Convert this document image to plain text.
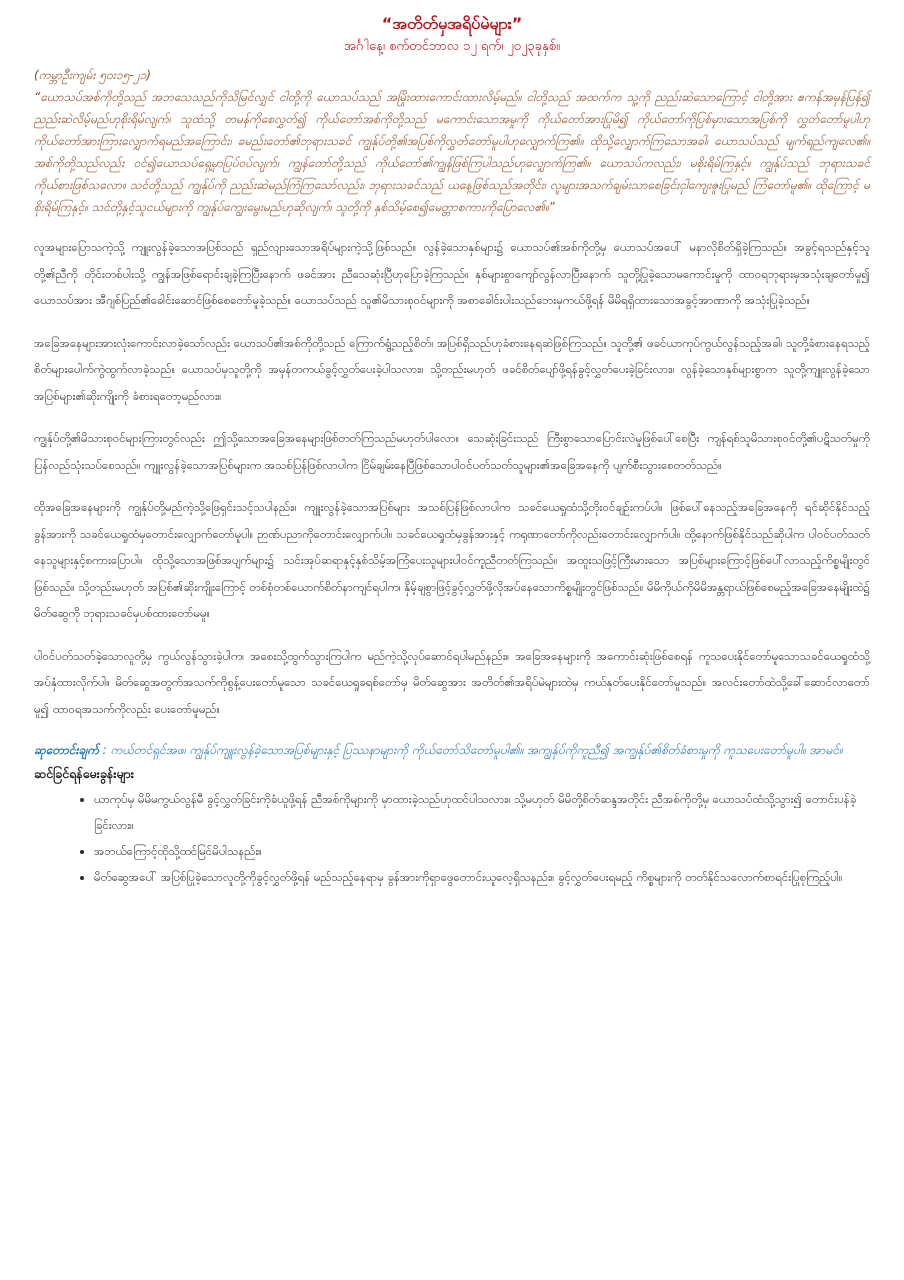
“အတိတ်မှအရိပ်မဲများ”

အင်္ဂါနေ့၊ စက်တင်ဘာလ ၁၂ ရက်၊ ၂၀၂၃ခုနှစ်။

(ကမ္ဘာဦးကျမ်း ၅၀း၁၅-၂၁)

“ယောသပ်အစ်ကိုတို့သည် အဘသေသည်ကိုသိမြင်လျှင် ငါတို့ကို ယောသပ်သည် အမြိုးထားကောင်းထားလိမ့်မည်။ ငါတို့သည် အထက်က သူ့ကို ညည်းဆဲသောကြောင့် ငါတို့အား ဧကန်အမှန်ပြန်၍ ညည်းဆဲလိမ့်မည်ဟုစိုးရိမ်လျက်၊ သူထံသို့ တမန်ကိုစေလွှတ်၍ ကိုယ်တော်အစ်ကိုတို့သည် မကောင်းသောအမှုကို ကိုယ်တော်အားပြုမိ၍ ကိုယ်တော်ကိုပြစ်မှားသောအပြစ်ကို လွှတ်တော်မူပါဟု ကိုယ်တော်အားကြားလျှောက်ရမည်အကြောင်း၊ ခမည်းတော်၏ဘုရားသခင် ကျွန်ုပ်တို့၏အပြစ်ကိုလွှတ်တော်မူပါဟုလျှောက်ကြ၏။ ထိုသို့လျှောက်ကြသောအခါ၊ ယောသပ်သည် မျက်ရည်ကျလေ၏။ အစ်ကိုတို့သည်လည်း ဝင်၍ယောသပ်ရှေ့မှာပြပ်ဝပ်လျက်၊ ကျွန်တော်တို့သည် ကိုယ်တော်၏ကျွန်ဖြစ်ကြပါသည်ဟုလျှောက်ကြ၏။ ယောသပ်ကလည်း၊ မစိုးရိမ်ကြနှင့်။ ကျွန်ုပ်သည် ဘုရားသခင်ကိုယ်စားဖြစ်သလော။ သင်တို့သည် ကျွန်ုပ်ကို ညည်းဆဲမည်ကြံကြသော်လည်း၊ ဘုရားသခင်သည် ယနေ့ဖြစ်သည်အတိုင်း၊ လူများအသက်ချမ်းသာစေခြင်းငှါကျေးဇူးပြုမည် ကြံတော်မူ၏။ ထိုကြောင့် မစိုးရိမ်ကြနှင့်။ သင်တို့နှင့်သူငယ်များကို ကျွန်ုပ်ကျွေးမွေးမည်ဟုဆိုလျက်၊ သူတို့ကို နှစ်သိမ့်စေ၍မေတ္တာစကားကိုပြောလေ၏။”

လူအများပြောသကဲ့သို့ ကျူးလွန်ခဲ့သောအပြစ်သည် ရှည်လျားသောအရိပ်များကဲ့သို့ဖြစ်သည်။ လွန်ခဲ့သောနှစ်များ၌ ယောသပ်၏အစ်ကိုတို့မှ ယောသပ်အပေါ် မနာလိုစိတ်ရှိခဲ့ကြသည်။ အခွင့်ရသည်နှင့်သူတို့၏ညီကို တိုင်းတစ်ပါးသို့ ကျွန်အဖြစ်ရောင်းချခဲ့ကြပြီးနောက် ဖခင်အား ညီသေဆုံးပြီဟုပြောခဲ့ကြသည်။ နှစ်များစွာကျော်လွန်လာပြီးနောက် သူတို့ပြုခဲ့သောမကောင်းမှုကို ထာဝရဘုရားမှအသုံးချတော်မူ၍ ယောသပ်အား အီဂျစ်ပြည်၏ခေါင်းဆောင်ဖြစ်စေတော်မူခဲ့သည်။ ယောသပ်သည် သူ၏မိသားစုဝင်များကို အစာခေါင်းပါးသည်ဘေးမှကယ်ဖို့ရန် မိမိရရှိထားသောအခွင့်အာဏာကို အသုံးပြုခဲ့သည်။

အခြေအနေများအားလုံးကောင်းလာခဲ့သော်လည်း ယောသပ်၏အစ်ကိုတို့သည် ကြောက်ရွံ့သည့်စိတ်၊ အပြစ်ရှိသည်ဟုခံစားနေရဆဲဖြစ်ကြသည်။ သူတို့၏ ဖခင်ယာကုပ်ကွယ်လွန်သည့်အခါ၊ သူတို့ခံစားနေရသည့်စိတ်များပေါက်ကွဲထွက်လာခဲ့သည်။ ယောသပ်မှသူတို့ကို အမှန်တကယ်ခွင့်လွှတ်ပေးခဲ့ပါသလား။ သို့တည်းမဟုတ် ဖခင်စိတ်ပျော်ဖို့ရန်ခွင့်လွှတ်ပေးခဲ့ခြင်းလား။ လွန်ခဲ့သောနှစ်များစွာက သူတို့ကျူးလွန်ခဲ့သောအပြစ်များ၏ဆိုးကျိုးကို ခံစားရတော့မည်လား။

ကျွန်ုပ်တို့၏မိသားစုဝင်များကြားတွင်လည်း ဤသို့သောအခြေအနေများဖြစ်တတ်ကြသည်မဟုတ်ပါလော။ သေဆုံးခြင်းသည် ကြီးစွာသောပြောင်းလဲမှုဖြစ်ပေါ်စေပြီး ကျန်ရစ်သူမိသားစုဝင်တို့၏ပဋိသတ်မှုကို ပြန်လည်သုံးသပ်စေသည်။ ကျူးလွန်ခဲ့သောအပြစ်များက အသစ်ပြန်ဖြစ်လာပါက ငြိမ်ချမ်းနေပြီဖြစ်သောပါဝင်ပတ်သတ်သူများ၏အခြေအနေကို ပျက်စီးသွားစေတတ်သည်။

ထိုအခြေအနေများကို ကျွန်ုပ်တို့မည်ကဲ့သို့ဖြေရှင်းသင့်သပါနည်း။ ကျူးလွန်ခဲ့သောအပြစ်များ အသစ်ပြန်ဖြစ်လာပါက သခင်ယေရှုထံသို့တိုးဝင်ချဉ်းကပ်ပါ။ ဖြစ်ပေါ်နေသည့်အခြေအနေကို ရင်ဆိုင်နိုင်သည့်ခွန်အားကို သခင်ယေရှုထံမှတောင်းလျှောက်တော်မူပါ။ ဉာဏ်ပညာကိုတောင်းလျှောက်ပါ။ သခင်ယေရှုထံမှခွန်အားနှင့် ကရုဏာတော်ကိုလည်းတောင်းလျှောက်ပါ။ ထို့နောက်ဖြစ်နိုင်သည်ဆိုပါက ပါဝင်ပတ်သတ်နေသူများနှင့်စကားပြောပါ။ ထိုသို့သောအဖြစ်အပျက်များ၌ သင်းအုပ်ဆရာနှင့်နှစ်သိမ့်အကြံပေးသူများပါဝင်ကူညီတတ်ကြသည်။ အထူးသဖြင့်ကြီးမားသော အပြစ်များကြောင့်ဖြစ်ပေါ်လာသည့်ကိစ္စမျိုးတွင်ဖြစ်သည်။ သို့တည်းမဟုတ် အပြစ်၏ဆိုးကျိုးကြောင့် တစ်စုံတစ်ယောက်စိတ်နာကျင်ရပါက၊ နှိမ့်ချစွာဖြင့်ခွင့်လွှတ်ဖို့လိုအပ်နေသောကိစ္စမျိုးတွင်ဖြစ်သည်။ မိမိကိုယ်ကိုမိမိအန္တရာယ်ဖြစ်စေမည့်အခြေအနေမျိုးထဲ၌ မိတ်ဆွေကို ဘုရားသခင်မှပစ်ထားတော်မမူ။

ပါဝင်ပတ်သတ်ခဲ့သောလူတို့မှ ကွယ်လွန်သွားခဲ့ပါက၊ အစေးသို့ထွက်သွားကြပါက မည်ကဲ့သို့လုပ်ဆောင်ရပါမည်နည်း။ အခြေအနေများကို အကောင်းဆုံးဖြစ်စေရန် ကူသပေးနိုင်တော်မူသောသခင်ယေရှုထံသို့ အပ်နှံထားလိုက်ပါ။ မိတ်ဆွေအတွက်အသက်ကိုစွန့်ပေးတော်မူသော သခင်ယေရှုခရစ်တော်မှ မိတ်ဆွေအား အတိတ်၏အရိပ်မဲများထဲမှ ကယ်နုတ်ပေးနိုင်တော်မူသည်။ အလင်းတော်ထဲသို့ခေါ်ဆောင်လာတော်မူ၍ ထာဝရအသက်ကိုလည်း ပေးတော်မူမည်။

ဆုတောင်းချက် : ကယ်တင်ရှင်အဖ၊ ကျွန်ုပ်ကျူးလွန်ခဲ့သောအပြစ်များနှင့် ပြဿနာများကို ကိုယ်တော်သိတော်မူပါ၏။ အကျွန်ုပ်ကိုကူညီ၍ အကျွန်ုပ်၏စိတ်ခံစားမှုကို ကူသပေးတော်မူပါ။ အာမင်။

ဆင်ခြင်ရန်မေးခွန်းများ

• ယာကုပ်မှ မိမိမကွယ်လွန်မီ ခွင့်လွှတ်ခြင်းကိုခံယူဖို့ရန် ညီအစ်ကိုများကို မှာထားခဲ့သည်ဟုထင်ပါသလား။ သို့မဟုတ် မိမိတို့စိတ်ဆန္ဒအတိုင်း ညီအစ်ကိုတို့မှ ယောသပ်ထံသို့သွား၍ တောင်းပန်ခဲ့ခြင်းလား။
• အဘယ်ကြောင့်ထိုသို့ထင်မြင်မိပါသနည်း။
• မိတ်ဆွေအပေါ် အပြစ်ပြုခဲ့သောလူတို့ကိုခွင့်လွှတ်ဖို့ရန် မည်သည့်နေရာမှ ခွန်အားကိုရှာဖွေတောင်းယူလေ့ရှိသနည်း။ ခွင့်လွှတ်ပေးရမည့် ကိစ္စများကို တတ်နိုင်သလောက်စာရင်းပြုစုကြည့်ပါ။
